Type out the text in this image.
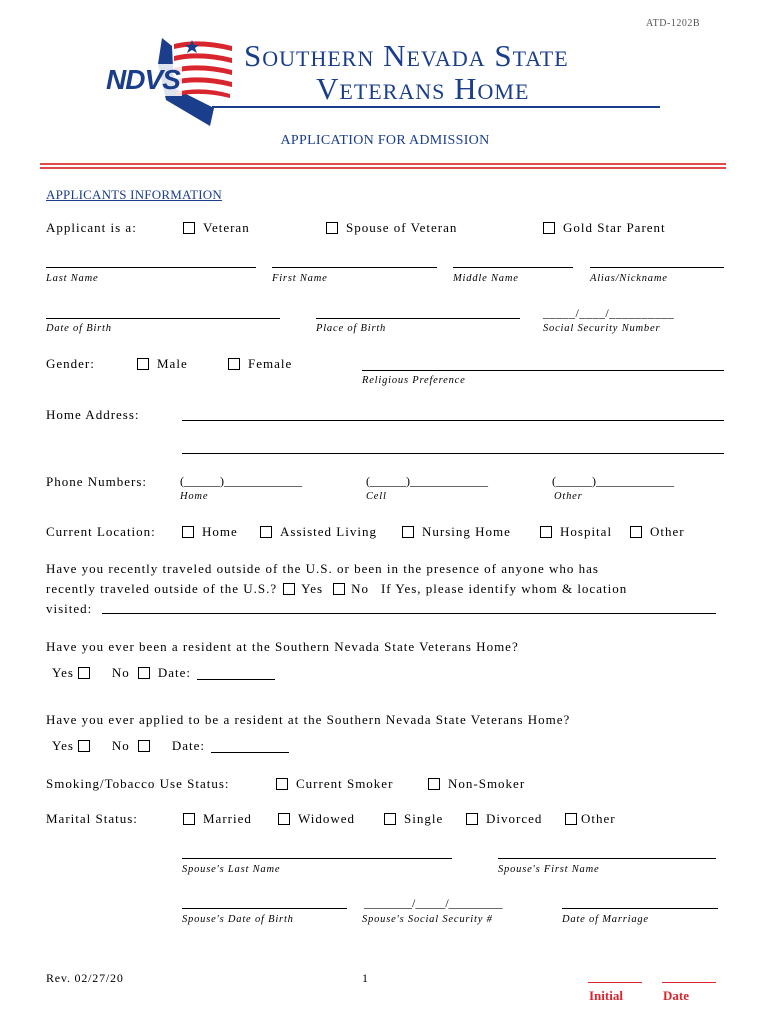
ATD-1202B
NDVS
Southern Nevada State
Veterans Home
APPLICATION FOR ADMISSION
APPLICANTS INFORMATION
Applicant is a:	Veteran	Spouse of Veteran	Gold Star Parent
Last Name	First Name	Middle Name	Alias/Nickname
_____/____/__________
Date of Birth	Place of Birth	Social Security Number
Gender:	Male	Female
Religious Preference
Home Address:
Phone Numbers:	(______)_____________	(______)_____________	(______)_____________
Home	Cell	Other
Current Location:	Home	Assisted Living	Nursing Home	Hospital	Other
Have you recently traveled outside of the U.S. or been in the presence of anyone who has
recently traveled outside of the U.S.? Yes No If Yes, please identify whom & location
visited:
Have you ever been a resident at the Southern Nevada State Veterans Home?
Yes	No Date:
Have you ever applied to be a resident at the Southern Nevada State Veterans Home?
Yes	No	Date:
Smoking/Tobacco Use Status:	Current Smoker	Non-Smoker
Marital Status:	Married	Widowed	Single	Divorced	Other
Spouse's Last Name	Spouse's First Name
________/_____/_________
Spouse's Date of Birth	Spouse's Social Security #	Date of Marriage
Rev. 02/27/20	1
Initial	Date
